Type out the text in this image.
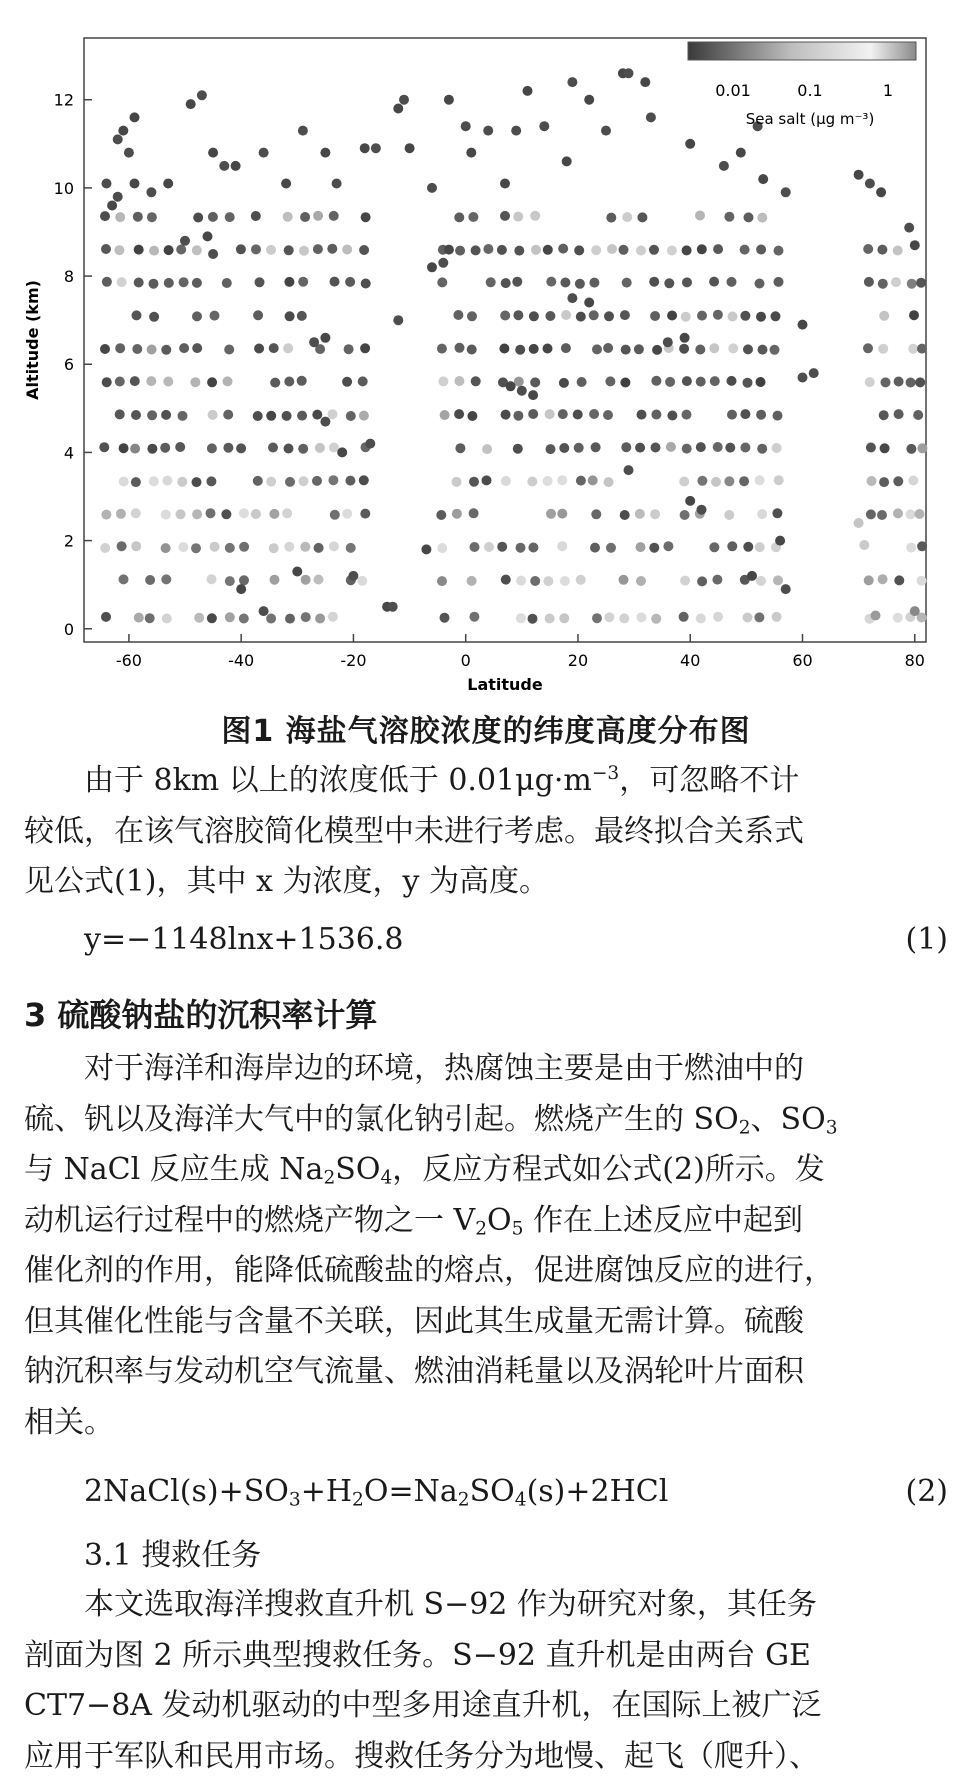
-60	-40	-20	0	20	40	60	80
0
2
4
6
8
10
12
Latitude
Altitude (km)
0.01	0.1	1
Sea salt (μg m⁻³)
图1 海盐气溶胶浓度的纬度高度分布图

由于 8km 以上的浓度低于 $0.01\mu g\cdot m^{-3}$，可忽略不计

较低，在该气溶胶简化模型中未进行考虑。最终拟合关系式

见公式(1)，其中 x 为浓度，y 为高度。

y=−1148lnx+1536.8	(1)
3 硫酸钠盐的沉积率计算

对于海洋和海岸边的环境，热腐蚀主要是由于燃油中的

硫、钒以及海洋大气中的氯化钠引起。燃烧产生的 $SO_2$、$SO_3$

与 NaCl 反应生成 $Na_2SO_4$，反应方程式如公式(2)所示。发

动机运行过程中的燃烧产物之一 $V_2O_5$ 作在上述反应中起到

催化剂的作用，能降低硫酸盐的熔点，促进腐蚀反应的进行，

但其催化性能与含量不关联，因此其生成量无需计算。硫酸

钠沉积率与发动机空气流量、燃油消耗量以及涡轮叶片面积

相关。

$2NaCl(s)+SO_3+H_2O=Na_2SO_4(s)+2HCl$	(2)
3.1 搜救任务

本文选取海洋搜救直升机 S−92 作为研究对象，其任务

剖面为图 2 所示典型搜救任务。S−92 直升机是由两台 GE

CT7−8A 发动机驱动的中型多用途直升机，在国际上被广泛

应用于军队和民用市场。搜救任务分为地慢、起飞（爬升）、
